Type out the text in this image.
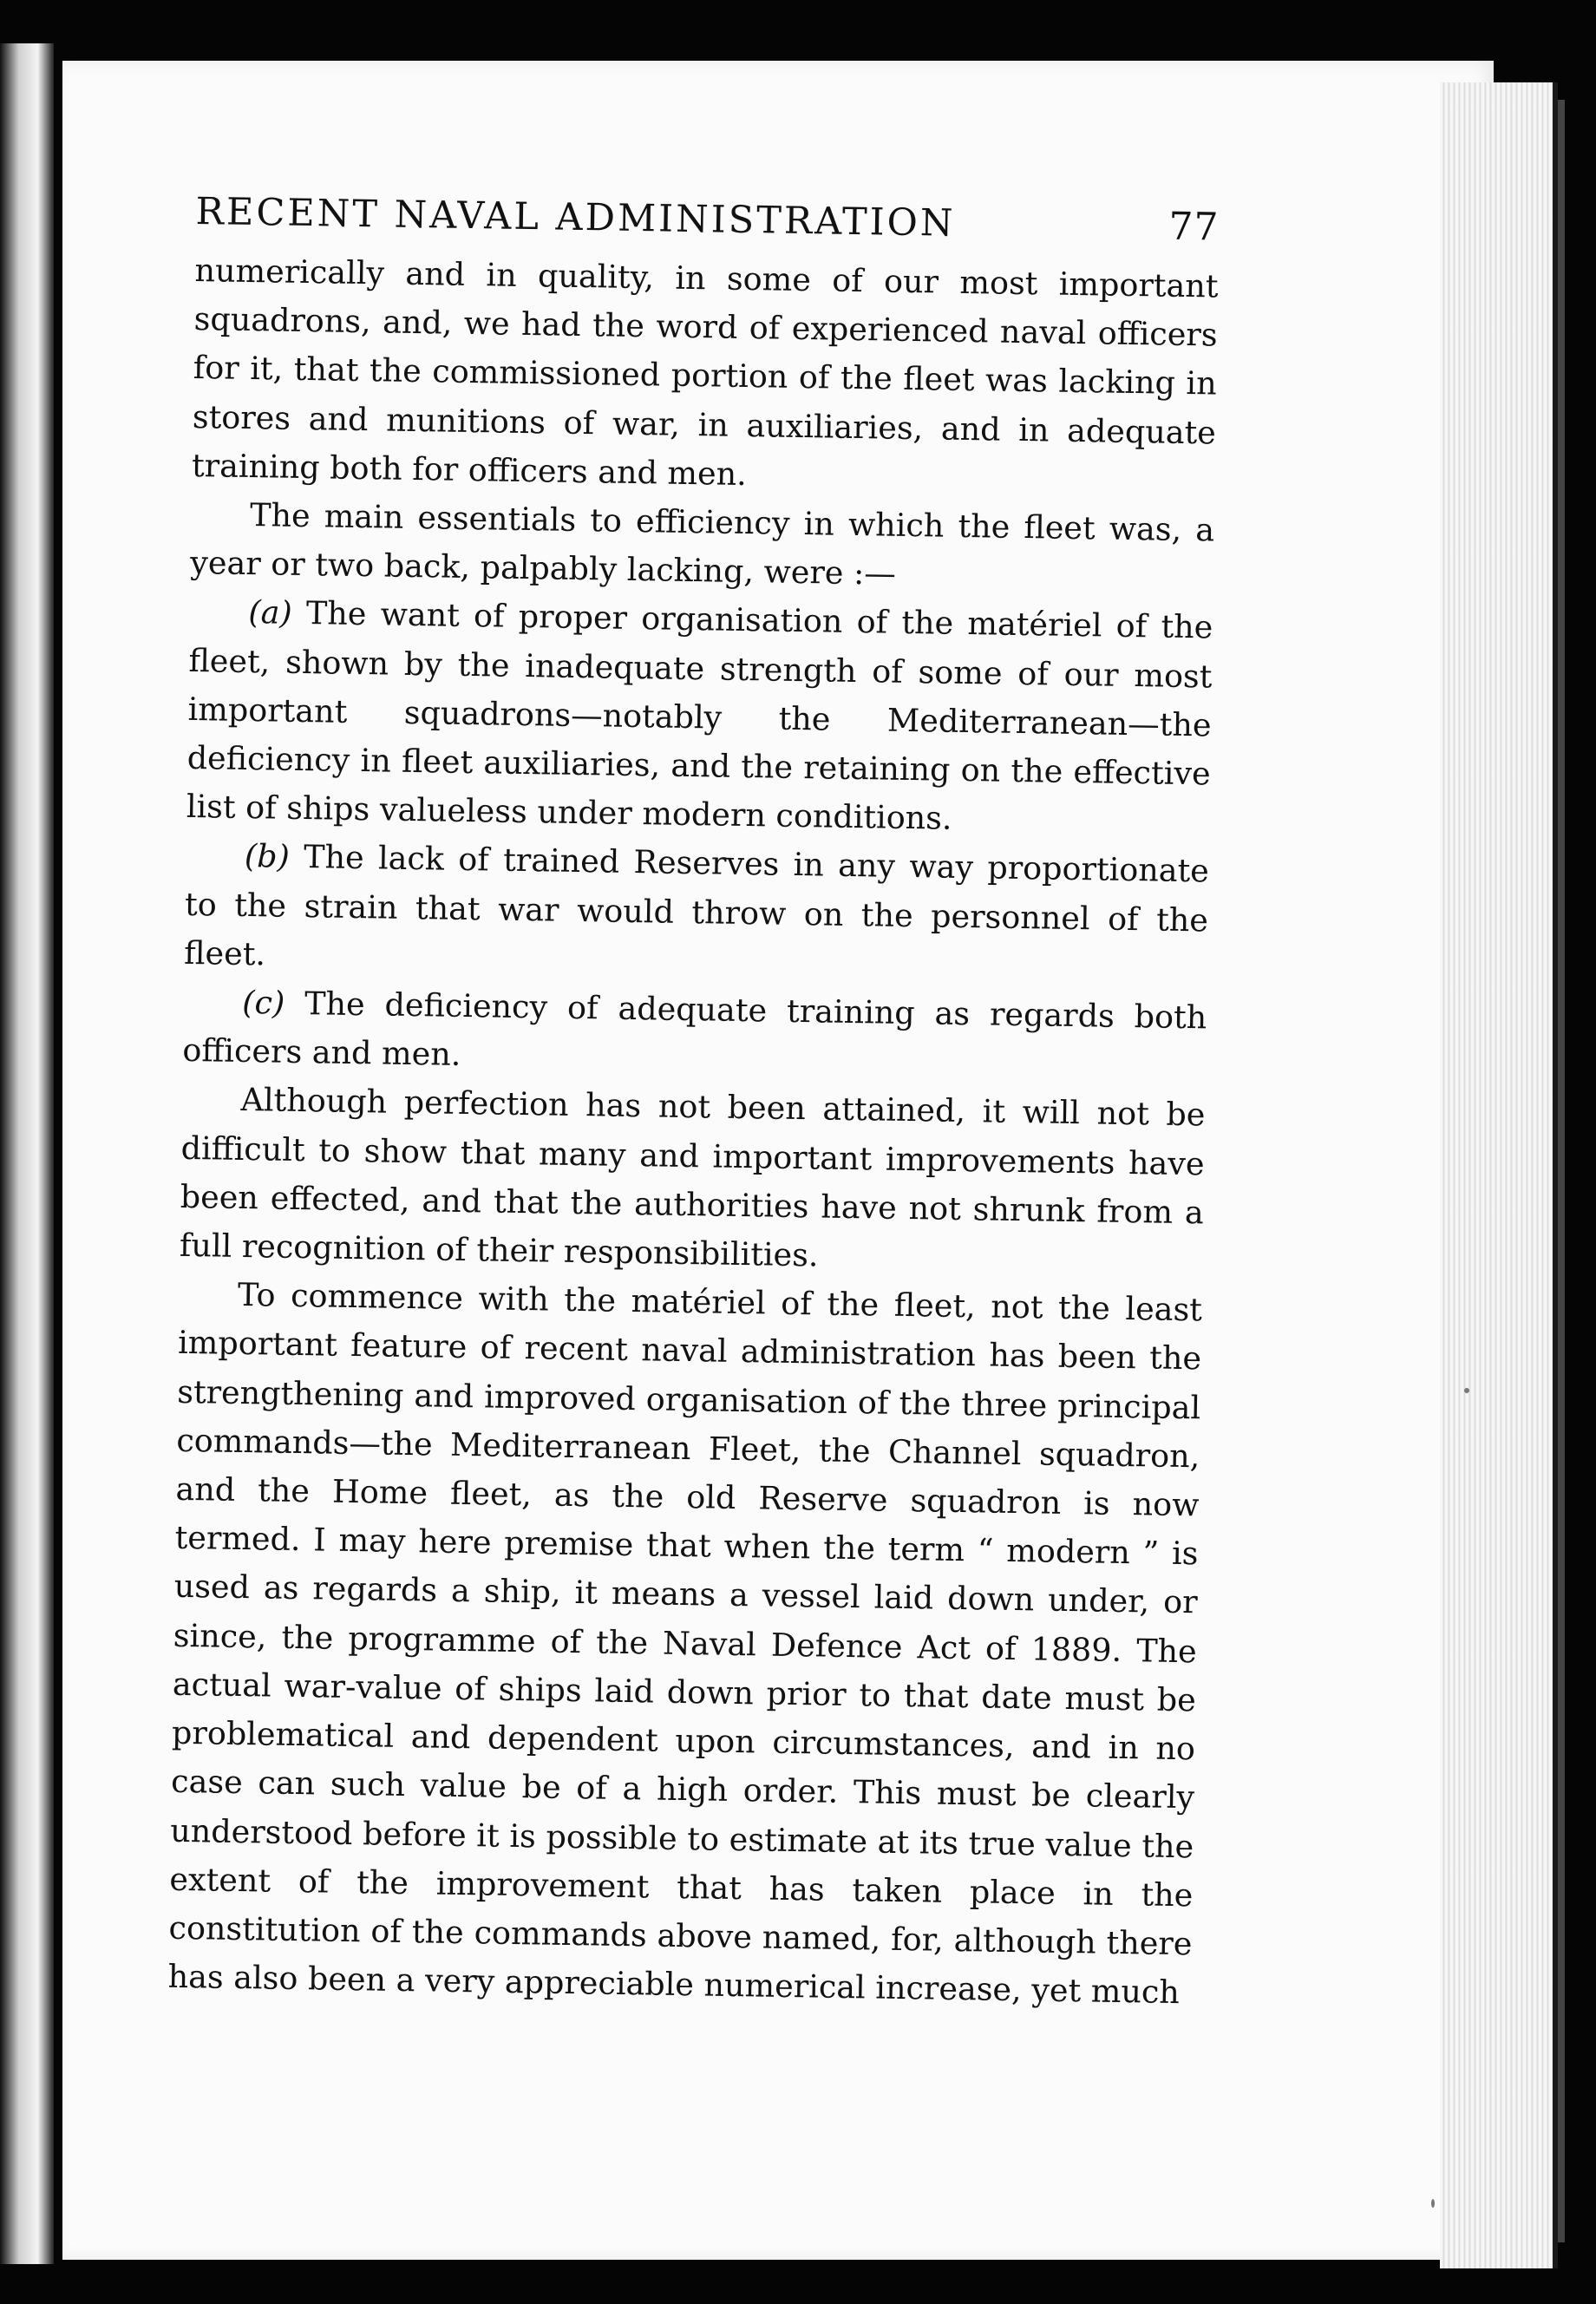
RECENT NAVAL ADMINISTRATION	77

numerically and in quality, in some of our most important squadrons, and, we had the word of experienced naval officers for it, that the commissioned portion of the fleet was lacking in stores and munitions of war, in auxiliaries, and in adequate training both for officers and men.

The main essentials to efficiency in which the fleet was, a year or two back, palpably lacking, were :—

(a) The want of proper organisation of the matériel of the fleet, shown by the inadequate strength of some of our most important squadrons—notably the Mediterranean—the deficiency in fleet auxiliaries, and the retaining on the effective list of ships valueless under modern conditions.

(b) The lack of trained Reserves in any way proportionate to the strain that war would throw on the personnel of the fleet.

(c) The deficiency of adequate training as regards both officers and men.

Although perfection has not been attained, it will not be difficult to show that many and important improvements have been effected, and that the authorities have not shrunk from a full recognition of their responsibilities.

To commence with the matériel of the fleet, not the least important feature of recent naval administration has been the strengthening and improved organisation of the three principal commands—the Mediterranean Fleet, the Channel squadron, and the Home fleet, as the old Reserve squadron is now termed. I may here premise that when the term “ modern ” is used as regards a ship, it means a vessel laid down under, or since, the programme of the Naval Defence Act of 1889. The actual war-value of ships laid down prior to that date must be problematical and dependent upon circumstances, and in no case can such value be of a high order. This must be clearly understood before it is possible to estimate at its true value the extent of the improvement that has taken place in the constitution of the commands above named, for, although there has also been a very appreciable numerical increase, yet much
